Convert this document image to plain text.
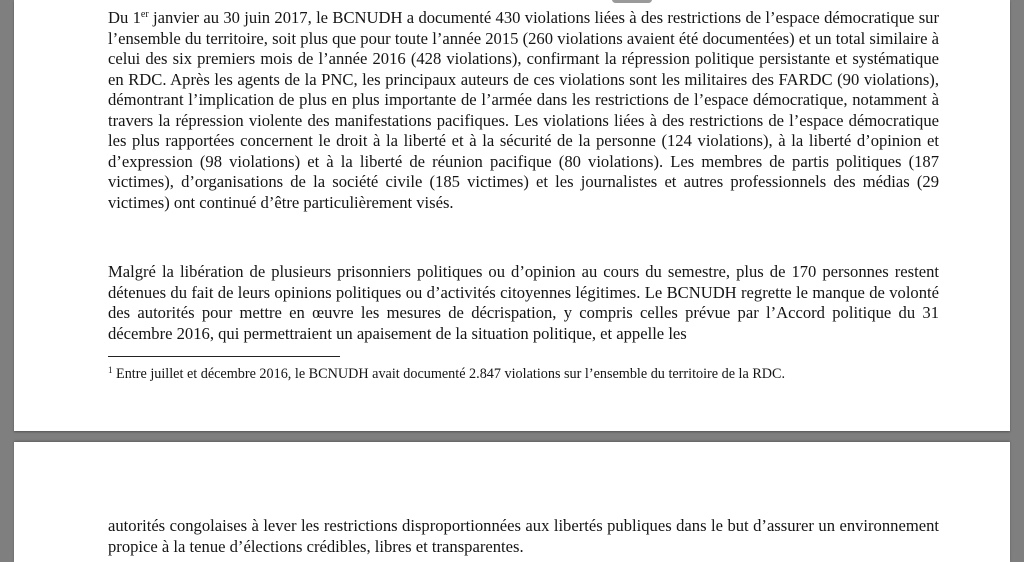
Du 1er janvier au 30 juin 2017, le BCNUDH a documenté 430 violations liées à des restrictions de l’espace démocratique sur l’ensemble du territoire, soit plus que pour toute l’année 2015 (260 violations avaient été documentées) et un total similaire à celui des six premiers mois de l’année 2016 (428 violations), confirmant la répression politique persistante et systématique en RDC. Après les agents de la PNC, les principaux auteurs de ces violations sont les militaires des FARDC (90 violations), démontrant l’implication de plus en plus importante de l’armée dans les restrictions de l’espace démocratique, notamment à travers la répression violente des manifestations pacifiques. Les violations liées à des restrictions de l’espace démocratique les plus rapportées concernent le droit à la liberté et à la sécurité de la personne (124 violations), à la liberté d’opinion et d’expression (98 violations) et à la liberté de réunion pacifique (80 violations). Les membres de partis politiques (187 victimes), d’organisations de la société civile (185 victimes) et les journalistes et autres professionnels des médias (29 victimes) ont continué d’être particulièrement visés.

Malgré la libération de plusieurs prisonniers politiques ou d’opinion au cours du semestre, plus de 170 personnes restent détenues du fait de leurs opinions politiques ou d’activités citoyennes légitimes. Le BCNUDH regrette le manque de volonté des autorités pour mettre en œuvre les mesures de décrispation, y compris celles prévue par l’Accord politique du 31 décembre 2016, qui permettraient un apaisement de la situation politique, et appelle les

$^1$ Entre juillet et décembre 2016, le BCNUDH avait documenté 2.847 violations sur l’ensemble du territoire de la RDC.

autorités congolaises à lever les restrictions disproportionnées aux libertés publiques dans le but d’assurer un environnement propice à la tenue d’élections crédibles, libres et transparentes.
